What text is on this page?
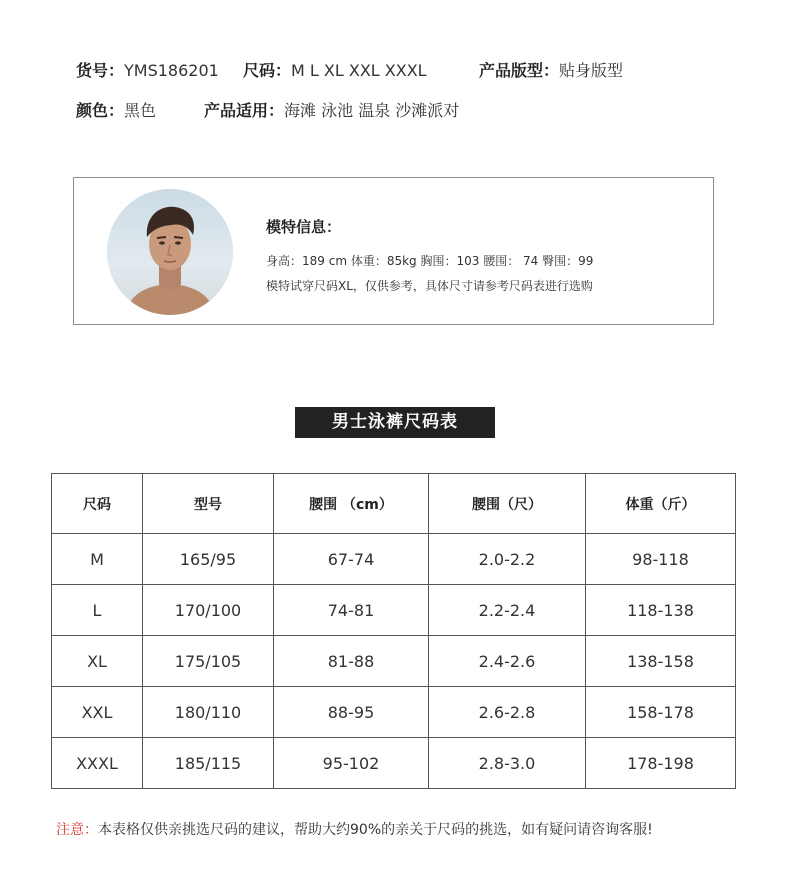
货号：YMS186201 尺码：M L XL XXL XXXL	产品版型：贴身版型
颜色：黑色	产品适用：海滩 泳池 温泉 沙滩派对
模特信息：
身高：189 cm 体重：85kg 胸围：103 腰围： 74 臀围：99
模特试穿尺码XL，仅供参考，具体尺寸请参考尺码表进行选购
男士泳裤尺码表
尺码	型号	腰围 （cm）	腰围（尺）	体重（斤）
M	165/95	67-74	2.0-2.2	98-118
L	170/100	74-81	2.2-2.4	118-138
XL	175/105	81-88	2.4-2.6	138-158
XXL	180/110	88-95	2.6-2.8	158-178
XXXL	185/115	95-102	2.8-3.0	178-198
注意：本表格仅供亲挑选尺码的建议，帮助大约90%的亲关于尺码的挑选，如有疑问请咨询客服!
